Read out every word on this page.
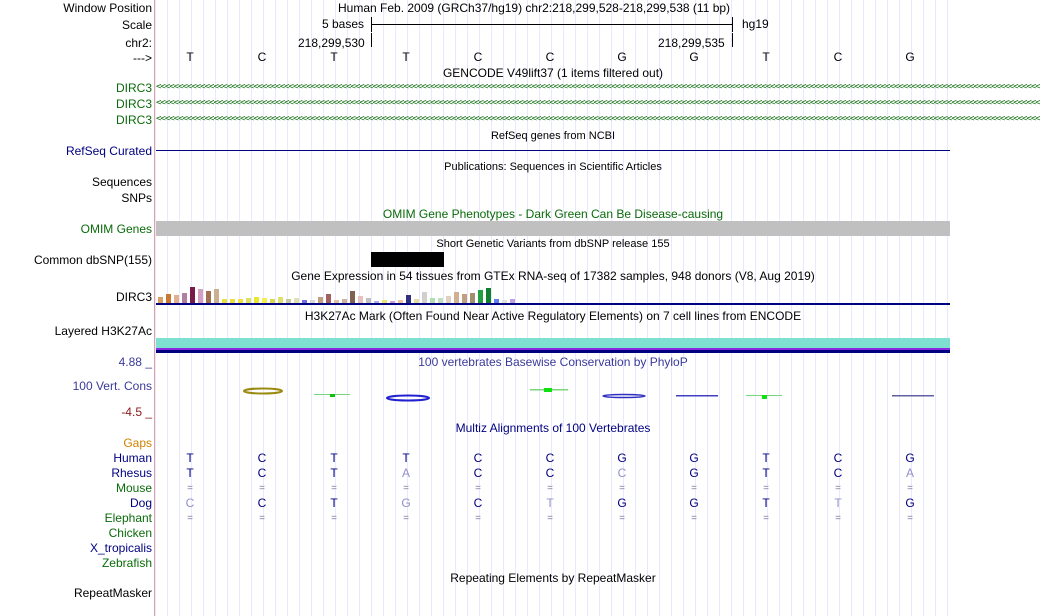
Window Position	Human Feb. 2009 (GRCh37/hg19) chr2:218,299,528-218,299,538 (11 bp)
Scale	5 bases	hg19
chr2:	218,299,530	218,299,535
--->	T	C	T	T	C	C	G	G	T	C	G
GENCODE V49lift37 (1 items filtered out)
DIRC3
DIRC3
DIRC3
<<<<<<<<<<<<<<<<<<<<<<<<<<<<<<<<<<<<<<<<<<<<<<<<<<<<<<<<<<<<<<<<<<<<<<<<<<<<<<<<<<<<<<<<<<<<<<<<<<<<<<<<<<<<<<<<<<<<<<<<<<<<<<<<<<<<<<<<<<<<<<<<<<<<<<<<<<<<<<<<<<<<<<<<<<<<<<<<<<<<<<<<<<<<<<<<<<<<<<<<
<<<<<<<<<<<<<<<<<<<<<<<<<<<<<<<<<<<<<<<<<<<<<<<<<<<<<<<<<<<<<<<<<<<<<<<<<<<<<<<<<<<<<<<<<<<<<<<<<<<<<<<<<<<<<<<<<<<<<<<<<<<<<<<<<<<<<<<<<<<<<<<<<<<<<<<<<<<<<<<<<<<<<<<<<<<<<<<<<<<<<<<<<<<<<<<<<<<<<<<<
<<<<<<<<<<<<<<<<<<<<<<<<<<<<<<<<<<<<<<<<<<<<<<<<<<<<<<<<<<<<<<<<<<<<<<<<<<<<<<<<<<<<<<<<<<<<<<<<<<<<<<<<<<<<<<<<<<<<<<<<<<<<<<<<<<<<<<<<<<<<<<<<<<<<<<<<<<<<<<<<<<<<<<<<<<<<<<<<<<<<<<<<<<<<<<<<<<<<<<<<
RefSeq genes from NCBI
RefSeq Curated
Publications: Sequences in Scientific Articles
Sequences
SNPs
OMIM Gene Phenotypes - Dark Green Can Be Disease-causing
OMIM Genes
Short Genetic Variants from dbSNP release 155
Common dbSNP(155)
Gene Expression in 54 tissues from GTEx RNA-seq of 17382 samples, 948 donors (V8, Aug 2019)
DIRC3
H3K27Ac Mark (Often Found Near Active Regulatory Elements) on 7 cell lines from ENCODE
Layered H3K27Ac
100 vertebrates Basewise Conservation by PhyloP
4.88 _
100 Vert. Cons
-4.5 _
Multiz Alignments of 100 Vertebrates
Gaps
Human	T	C	T	T	C	C	G	G	T	C	G
Rhesus	T	C	T	A	C	C	C	G	T	C	A
Mouse	=	=	=	=	=	=	=	=	=	=	=
Dog	C	C	T	G	C	T	G	G	T	T	G
Elephant	=	=	=	=	=	=	=	=	=	=	=
Chicken
X_tropicalis
Zebrafish
Repeating Elements by RepeatMasker
RepeatMasker
